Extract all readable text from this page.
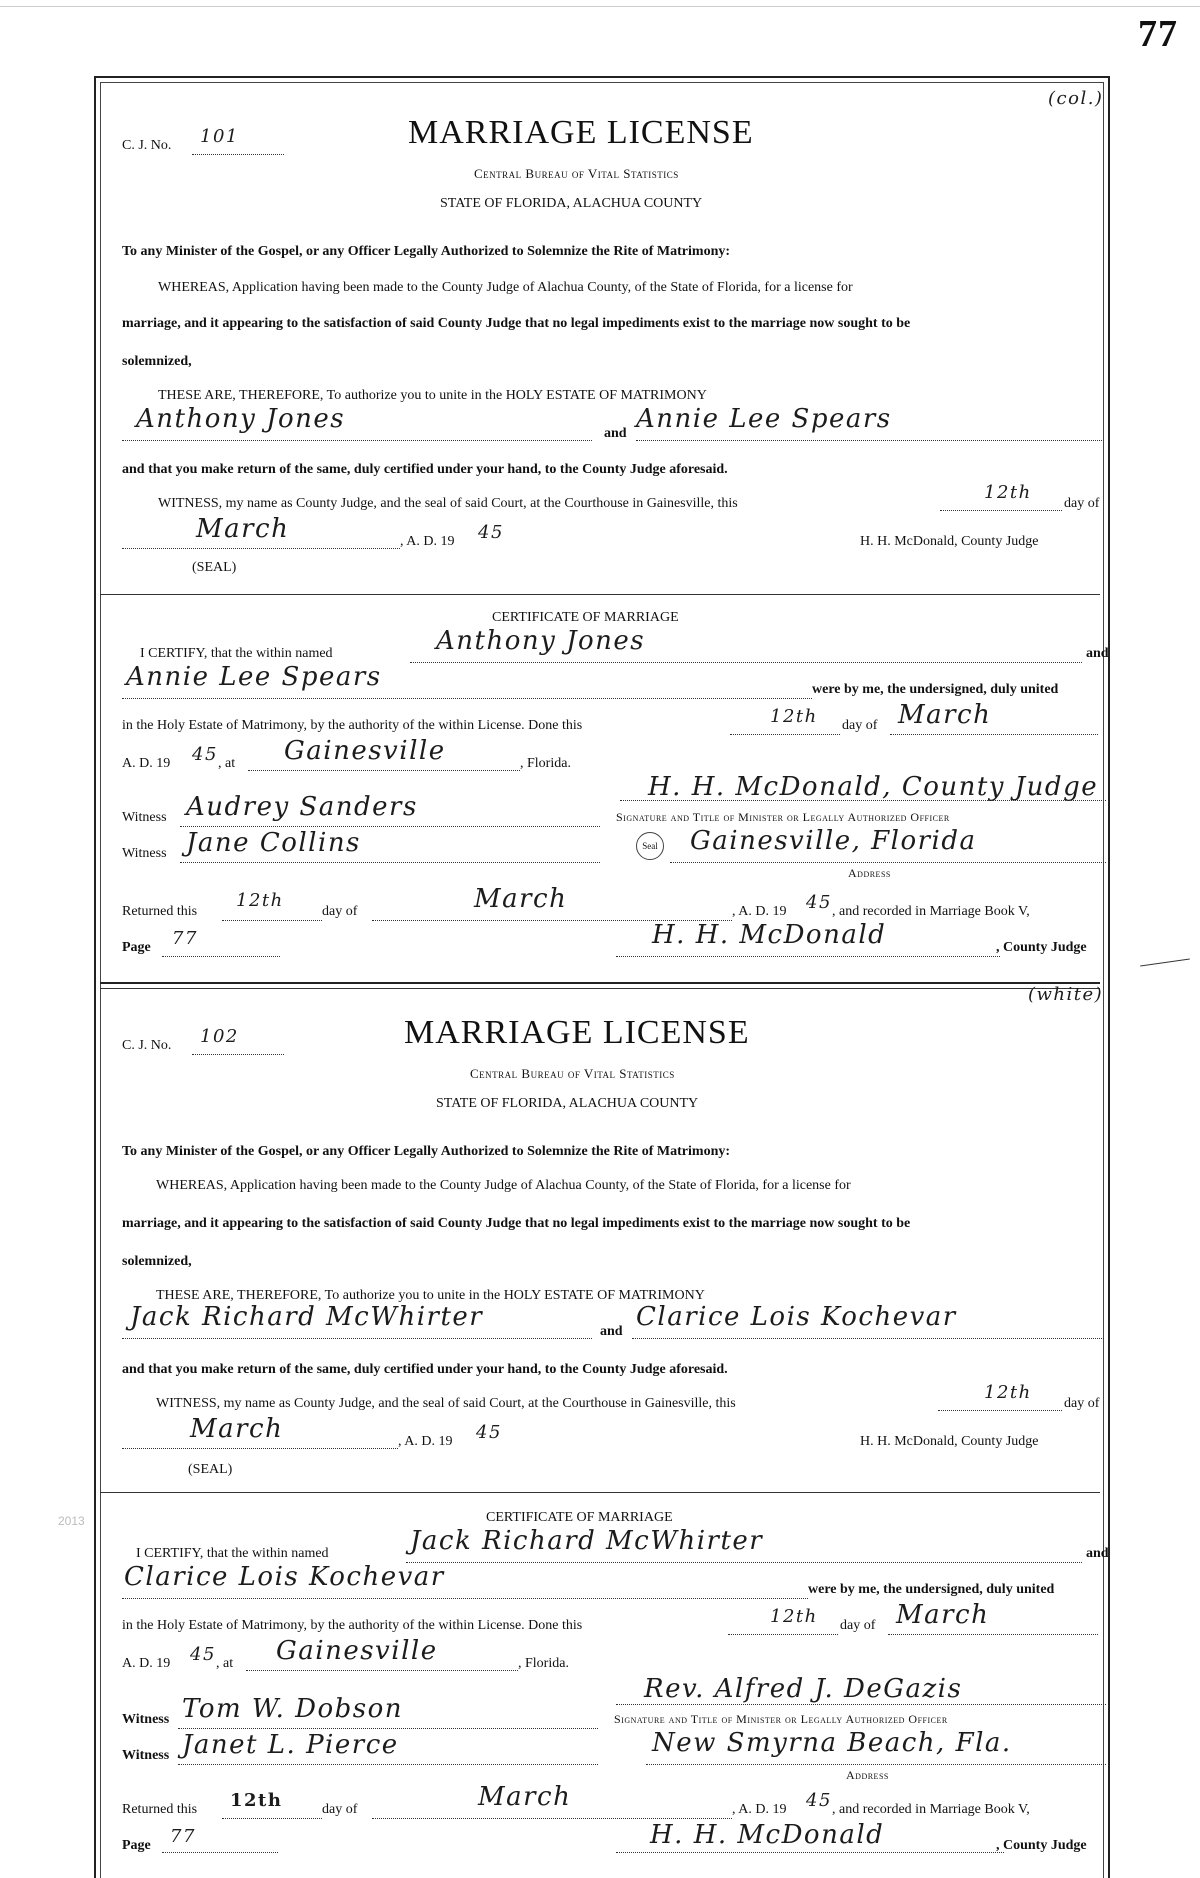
77
2013
(col.)
C. J. No. 101	MARRIAGE LICENSE
Central Bureau of Vital Statistics
STATE OF FLORIDA, ALACHUA COUNTY
To any Minister of the Gospel, or any Officer Legally Authorized to Solemnize the Rite of Matrimony:
WHEREAS, Application having been made to the County Judge of Alachua County, of the State of Florida, for a license for
marriage, and it appearing to the satisfaction of said County Judge that no legal impediments exist to the marriage now sought to be
solemnized,
THESE ARE, THEREFORE, To authorize you to unite in the HOLY ESTATE OF MATRIMONY
Anthony Jones	and Annie Lee Spears
and that you make return of the same, duly certified under your hand, to the County Judge aforesaid.
WITNESS, my name as County Judge, and the seal of said Court, at the Courthouse in Gainesville, this
12th
day of
March	, A. D. 19 45	H. H. McDonald, County Judge
(SEAL)
CERTIFICATE OF MARRIAGE
I CERTIFY, that the within named	Anthony Jones	and
Annie Lee Spears	were by me, the undersigned, duly united
in the Holy Estate of Matrimony, by the authority of the within License. Done this	12th day of March
A. D. 19 45 , at Gainesville	, Florida.
H. H. McDonald, County Judge
Witness Audrey Sanders	Signature and Title of Minister or Legally Authorized Officer
Witness Jane Collins	Seal Gainesville, Florida
Address
Returned this
12th
day of	March	, A. D. 19 45 , and recorded in Marriage Book V,
Page 77	H. H. McDonald	, County Judge
(white)
C. J. No. 102	MARRIAGE LICENSE
Central Bureau of Vital Statistics
STATE OF FLORIDA, ALACHUA COUNTY
To any Minister of the Gospel, or any Officer Legally Authorized to Solemnize the Rite of Matrimony:
WHEREAS, Application having been made to the County Judge of Alachua County, of the State of Florida, for a license for
marriage, and it appearing to the satisfaction of said County Judge that no legal impediments exist to the marriage now sought to be
solemnized,
THESE ARE, THEREFORE, To authorize you to unite in the HOLY ESTATE OF MATRIMONY
Jack Richard McWhirter	and Clarice Lois Kochevar
and that you make return of the same, duly certified under your hand, to the County Judge aforesaid.
WITNESS, my name as County Judge, and the seal of said Court, at the Courthouse in Gainesville, this
12th
day of
March	, A. D. 19 45	H. H. McDonald, County Judge
(SEAL)
CERTIFICATE OF MARRIAGE
I CERTIFY, that the within named	Jack Richard McWhirter	and
Clarice Lois Kochevar	were by me, the undersigned, duly united
in the Holy Estate of Matrimony, by the authority of the within License. Done this	12th day of March
A. D. 19 45 , at Gainesville	, Florida.
Rev. Alfred J. DeGazis
Signature and Title of Minister or Legally Authorized Officer
Witness Tom W. Dobson
Witness Janet L. Pierce	New Smyrna Beach, Fla.
Address
Returned this 12th	day of	March	, A. D. 19 45 , and recorded in Marriage Book V,
Page 77	H. H. McDonald	, County Judge
